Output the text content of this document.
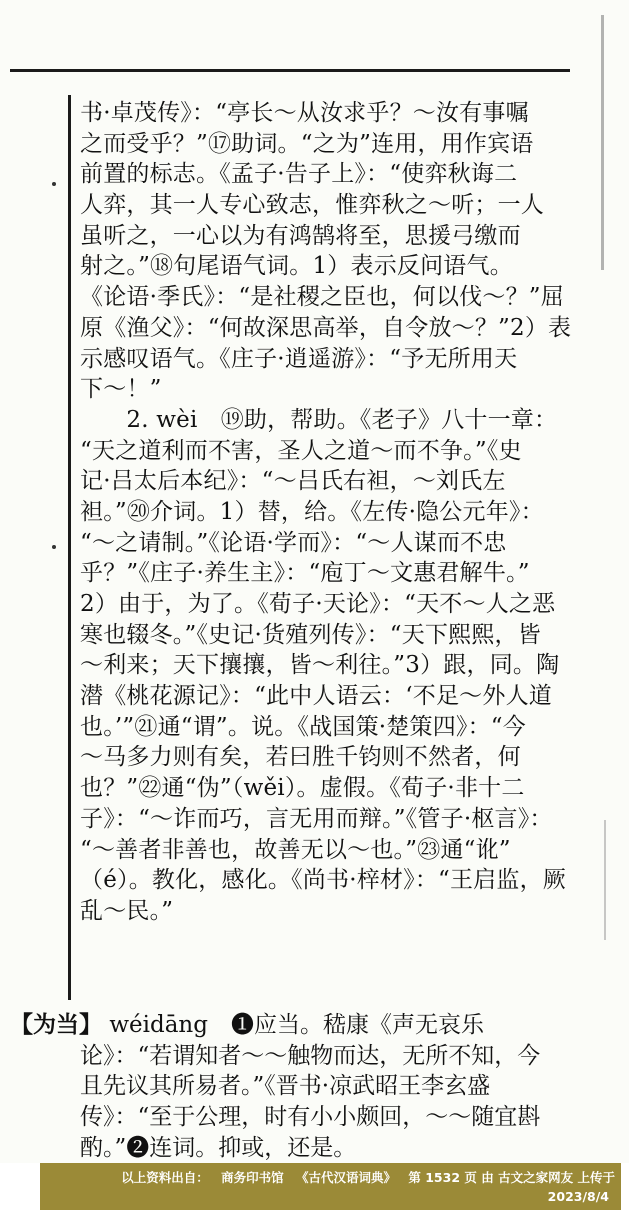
书·卓茂传》：“亭长～从汝求乎？～汝有事嘱
之而受乎？”⑰助词。“之为”连用，用作宾语
前置的标志。《孟子·告子上》：“使弈秋诲二
人弈，其一人专心致志，惟弈秋之～听；一人
虽听之，一心以为有鸿鹄将至，思援弓缴而
射之。”⑱句尾语气词。1）表示反问语气。
《论语·季氏》：“是社稷之臣也，何以伐～？”屈
原《渔父》：“何故深思高举，自令放～？”2）表
示感叹语气。《庄子·逍遥游》：“予无所用天
下～！”
　　2. wèi　⑲助，帮助。《老子》八十一章：
“天之道利而不害，圣人之道～而不争。”《史
记·吕太后本纪》：“～吕氏右袒，～刘氏左
袒。”⑳介词。1）替，给。《左传·隐公元年》：
“～之请制。”《论语·学而》：“～人谋而不忠
乎？”《庄子·养生主》：“庖丁～文惠君解牛。”
2）由于，为了。《荀子·天论》：“天不～人之恶
寒也辍冬。”《史记·货殖列传》：“天下熙熙，皆
～利来；天下攘攘，皆～利往。”3）跟，同。陶
潜《桃花源记》：“此中人语云：‘不足～外人道
也。’”㉑通“谓”。说。《战国策·楚策四》：“今
～马多力则有矣，若曰胜千钧则不然者，何
也？”㉒通“伪”（wěi）。虚假。《荀子·非十二
子》：“～诈而巧，言无用而辩。”《管子·枢言》：
“～善者非善也，故善无以～也。”㉓通“讹”
（é）。教化，感化。《尚书·梓材》：“王启监，厥
乱～民。”
【为当】 wéidāng　❶应当。嵇康《声无哀乐
论》：“若谓知者～～触物而达，无所不知，今
且先议其所易者。”《晋书·凉武昭王李玄盛
传》：“至于公理，时有小小颇回，～～随宜斟
酌。”❷连词。抑或，还是。
以上资料出自： 商务印书馆 《古代汉语词典》 第 1532 页 由 古文之家网友 上传于
2023/8/4
